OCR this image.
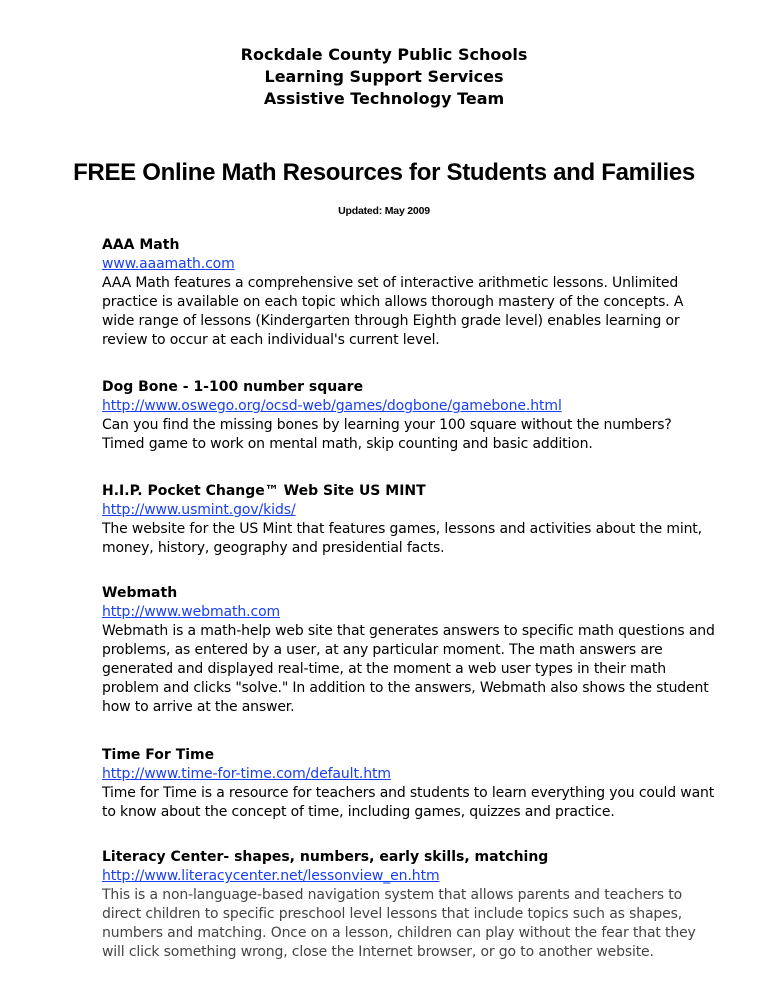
Rockdale County Public Schools
Learning Support Services
Assistive Technology Team
FREE Online Math Resources for Students and Families
Updated: May 2009
AAA Math
www.aaamath.com
AAA Math features a comprehensive set of interactive arithmetic lessons. Unlimited
practice is available on each topic which allows thorough mastery of the concepts. A
wide range of lessons (Kindergarten through Eighth grade level) enables learning or
review to occur at each individual's current level.
Dog Bone - 1-100 number square
http://www.oswego.org/ocsd-web/games/dogbone/gamebone.html
Can you find the missing bones by learning your 100 square without the numbers?
Timed game to work on mental math, skip counting and basic addition.
H.I.P. Pocket Change™ Web Site US MINT
http://www.usmint.gov/kids/
The website for the US Mint that features games, lessons and activities about the mint,
money, history, geography and presidential facts.
Webmath
http://www.webmath.com
Webmath is a math-help web site that generates answers to specific math questions and
problems, as entered by a user, at any particular moment. The math answers are
generated and displayed real-time, at the moment a web user types in their math
problem and clicks "solve." In addition to the answers, Webmath also shows the student
how to arrive at the answer.
Time For Time
http://www.time-for-time.com/default.htm
Time for Time is a resource for teachers and students to learn everything you could want
to know about the concept of time, including games, quizzes and practice.
Literacy Center- shapes, numbers, early skills, matching
http://www.literacycenter.net/lessonview_en.htm
This is a non-language-based navigation system that allows parents and teachers to
direct children to specific preschool level lessons that include topics such as shapes,
numbers and matching. Once on a lesson, children can play without the fear that they
will click something wrong, close the Internet browser, or go to another website.
